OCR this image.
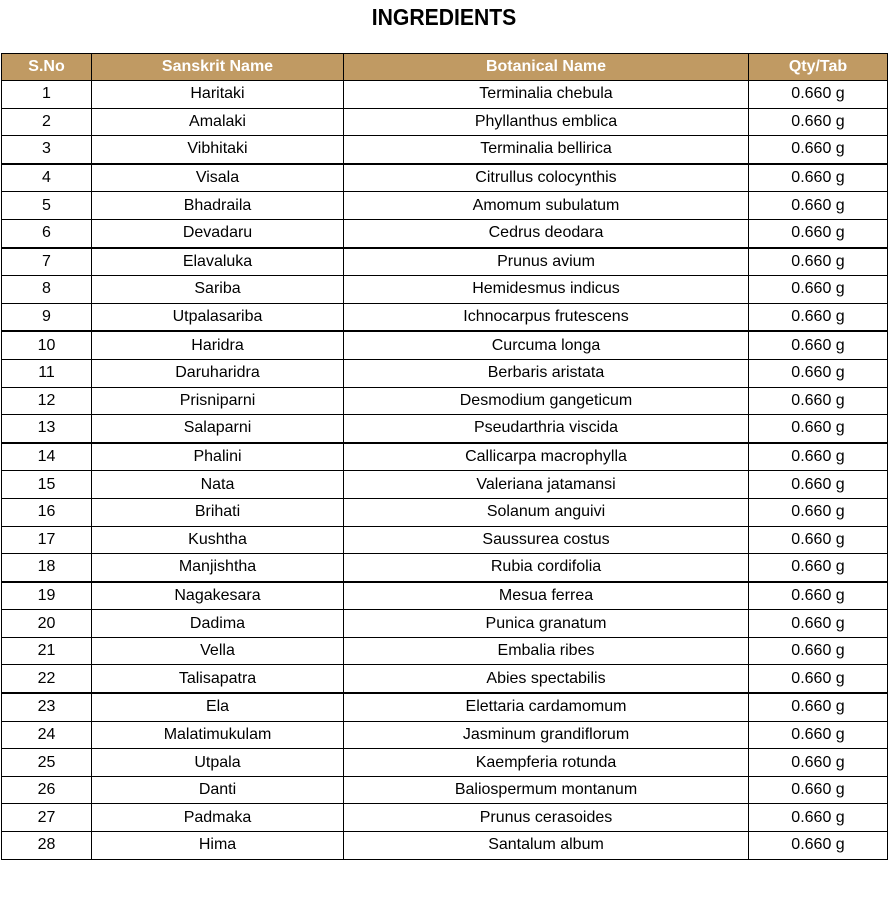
INGREDIENTS
S.No	Sanskrit Name	Botanical Name	Qty/Tab
1	Haritaki	Terminalia chebula	0.660 g
2	Amalaki	Phyllanthus emblica	0.660 g
3	Vibhitaki	Terminalia bellirica	0.660 g
4	Visala	Citrullus colocynthis	0.660 g
5	Bhadraila	Amomum subulatum	0.660 g
6	Devadaru	Cedrus deodara	0.660 g
7	Elavaluka	Prunus avium	0.660 g
8	Sariba	Hemidesmus indicus	0.660 g
9	Utpalasariba	Ichnocarpus frutescens	0.660 g
10	Haridra	Curcuma longa	0.660 g
11	Daruharidra	Berbaris aristata	0.660 g
12	Prisniparni	Desmodium gangeticum	0.660 g
13	Salaparni	Pseudarthria viscida	0.660 g
14	Phalini	Callicarpa macrophylla	0.660 g
15	Nata	Valeriana jatamansi	0.660 g
16	Brihati	Solanum anguivi	0.660 g
17	Kushtha	Saussurea costus	0.660 g
18	Manjishtha	Rubia cordifolia	0.660 g
19	Nagakesara	Mesua ferrea	0.660 g
20	Dadima	Punica granatum	0.660 g
21	Vella	Embalia ribes	0.660 g
22	Talisapatra	Abies spectabilis	0.660 g
23	Ela	Elettaria cardamomum	0.660 g
24	Malatimukulam	Jasminum grandiflorum	0.660 g
25	Utpala	Kaempferia rotunda	0.660 g
26	Danti	Baliospermum montanum	0.660 g
27	Padmaka	Prunus cerasoides	0.660 g
28	Hima	Santalum album	0.660 g
